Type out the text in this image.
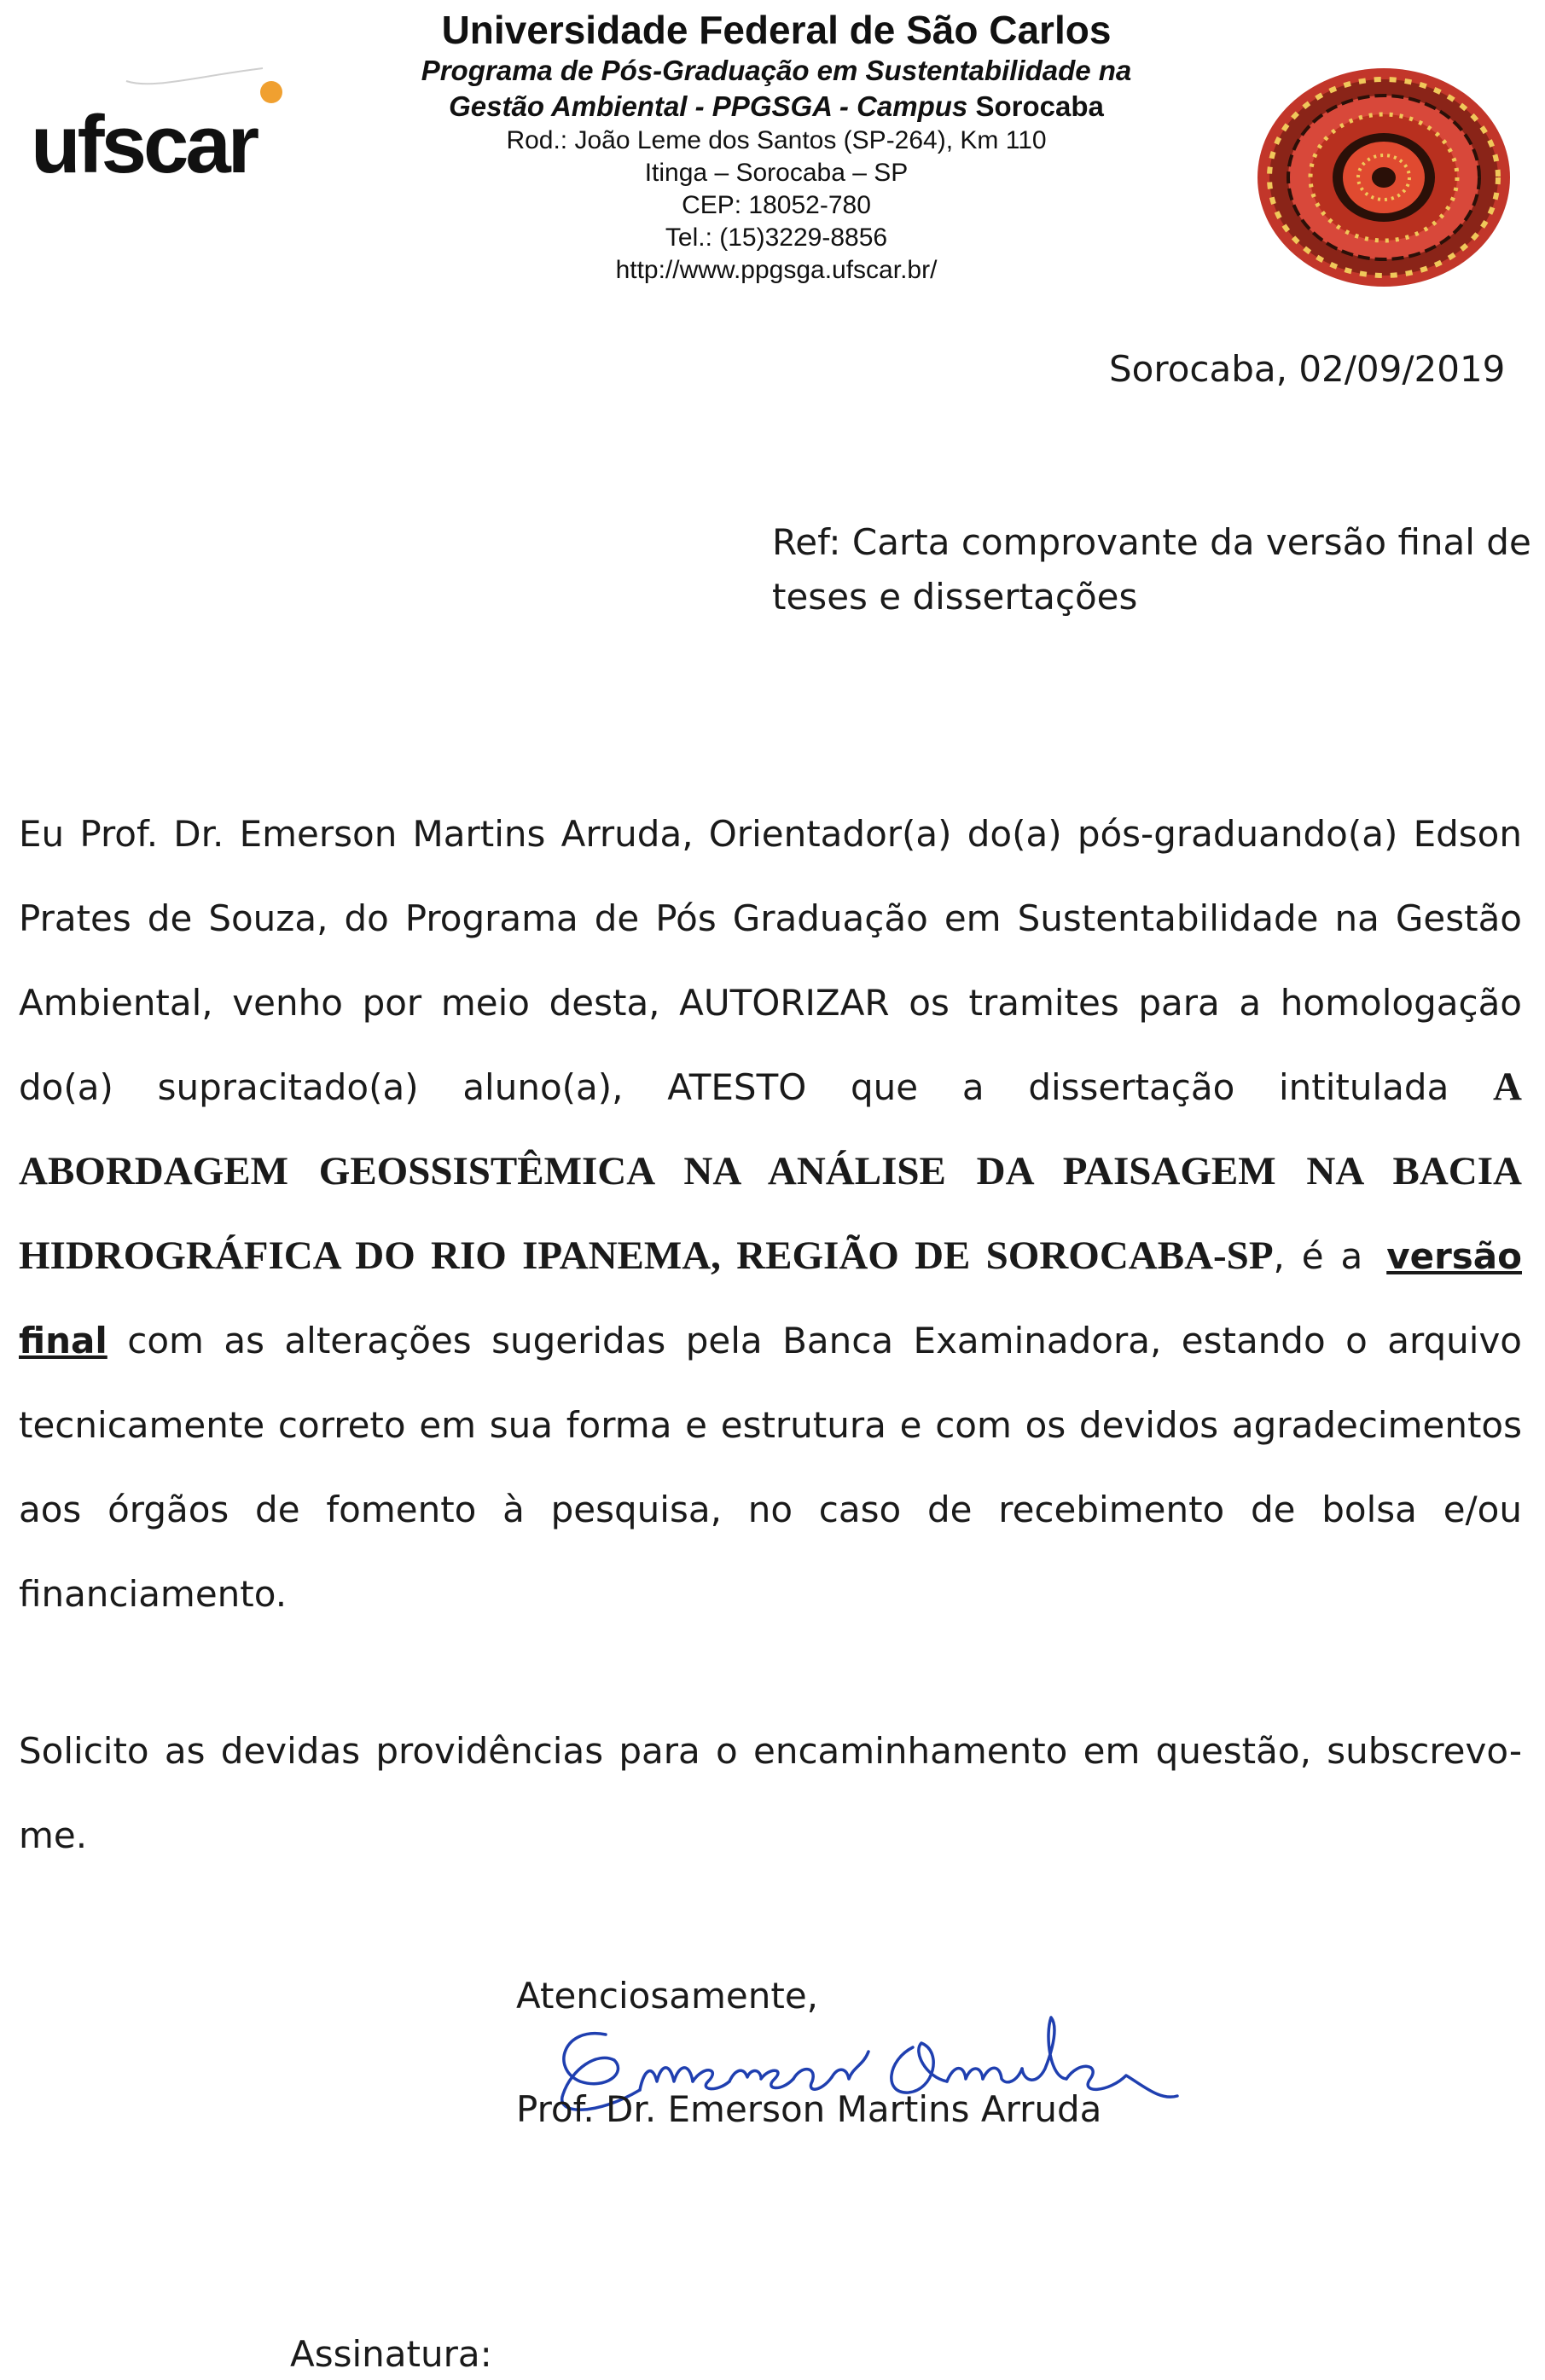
ufscar
Universidade Federal de São Carlos
Programa de Pós-Graduação em Sustentabilidade na
Gestão Ambiental - PPGSGA - Campus Sorocaba
Rod.: João Leme dos Santos (SP-264), Km 110
Itinga – Sorocaba – SP
CEP: 18052-780
Tel.: (15)3229-8856
http://www.ppgsga.ufscar.br/
Sorocaba, 02/09/2019
Ref: Carta comprovante da versão final de teses e dissertações
Eu Prof. Dr. Emerson Martins Arruda, Orientador(a) do(a) pós-graduando(a) Edson Prates de Souza, do Programa de Pós Graduação em Sustentabilidade na Gestão Ambiental, venho por meio desta, AUTORIZAR os tramites para a homologação do(a) supracitado(a) aluno(a), ATESTO que a dissertação intitulada A ABORDAGEM GEOSSISTÊMICA NA ANÁLISE DA PAISAGEM NA BACIA HIDROGRÁFICA DO RIO IPANEMA, REGIÃO DE SOROCABA-SP, é a versão final com as alterações sugeridas pela Banca Examinadora, estando o arquivo tecnicamente correto em sua forma e estrutura e com os devidos agradecimentos aos órgãos de fomento à pesquisa, no caso de recebimento de bolsa e/ou financiamento.
Solicito as devidas providências para o encaminhamento em questão, subscrevo-me.
Atenciosamente,
Prof. Dr. Emerson Martins Arruda
Assinatura:
